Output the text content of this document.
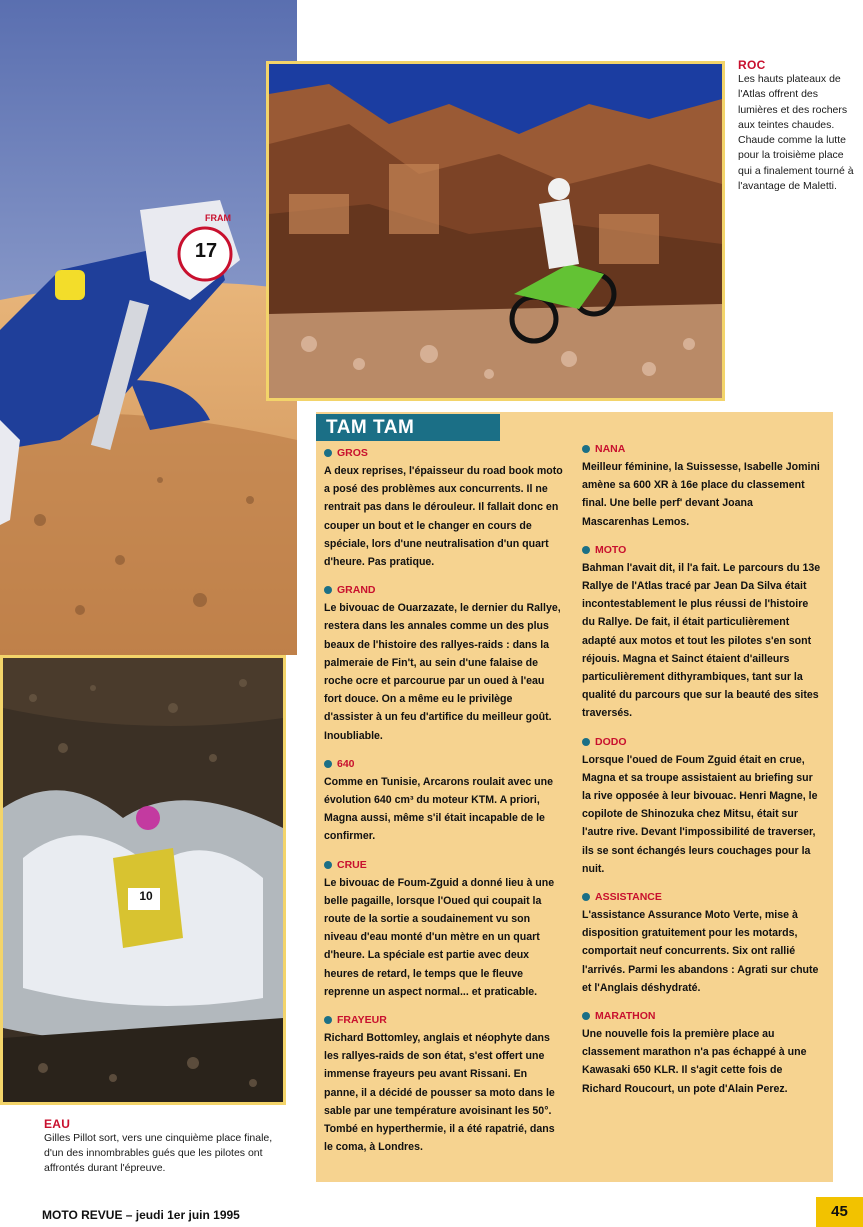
17
FRAM
ROC
Les hauts plateaux de l'Atlas offrent des lumières et des rochers aux teintes chaudes. Chaude comme la lutte pour la troisième place qui a finalement tourné à l'avantage de Maletti.
10
EAU
Gilles Pillot sort, vers une cinquième place finale, d'un des innombrables gués que les pilotes ont affrontés durant l'épreuve.
TAM TAM
GROS
A deux reprises, l'épaisseur du road book moto a posé des problèmes aux concurrents. Il ne rentrait pas dans le dérouleur. Il fallait donc en couper un bout et le changer en cours de spéciale, lors d'une neutralisation d'un quart d'heure. Pas pratique.
GRAND
Le bivouac de Ouarzazate, le dernier du Rallye, restera dans les annales comme un des plus beaux de l'histoire des rallyes-raids : dans la palmeraie de Fin't, au sein d'une falaise de roche ocre et parcourue par un oued à l'eau fort douce. On a même eu le privilège d'assister à un feu d'artifice du meilleur goût. Inoubliable.
640
Comme en Tunisie, Arcarons roulait avec une évolution 640 cm³ du moteur KTM. A priori, Magna aussi, même s'il était incapable de le confirmer.
CRUE
Le bivouac de Foum-Zguid a donné lieu à une belle pagaille, lorsque l'Oued qui coupait la route de la sortie a soudainement vu son niveau d'eau monté d'un mètre en un quart d'heure. La spéciale est partie avec deux heures de retard, le temps que le fleuve reprenne un aspect normal... et praticable.
FRAYEUR
Richard Bottomley, anglais et néophyte dans les rallyes-raids de son état, s'est offert une immense frayeurs peu avant Rissani. En panne, il a décidé de pousser sa moto dans le sable par une température avoisinant les 50°. Tombé en hyperthermie, il a été rapatrié, dans le coma, à Londres.
NANA
Meilleur féminine, la Suissesse, Isabelle Jomini amène sa 600 XR à 16e place du classement final. Une belle perf' devant Joana Mascarenhas Lemos.
MOTO
Bahman l'avait dit, il l'a fait. Le parcours du 13e Rallye de l'Atlas tracé par Jean Da Silva était incontestablement le plus réussi de l'histoire du Rallye. De fait, il était particulièrement adapté aux motos et tout les pilotes s'en sont réjouis. Magna et Sainct étaient d'ailleurs particulièrement dithyrambiques, tant sur la qualité du parcours que sur la beauté des sites traversés.
DODO
Lorsque l'oued de Foum Zguid était en crue, Magna et sa troupe assistaient au briefing sur la rive opposée à leur bivouac. Henri Magne, le copilote de Shinozuka chez Mitsu, était sur l'autre rive. Devant l'impossibilité de traverser, ils se sont échangés leurs couchages pour la nuit.
ASSISTANCE
L'assistance Assurance Moto Verte, mise à disposition gratuitement pour les motards, comportait neuf concurrents. Six ont rallié l'arrivés. Parmi les abandons : Agrati sur chute et l'Anglais déshydraté.
MARATHON
Une nouvelle fois la première place au classement marathon n'a pas échappé à une Kawasaki 650 KLR. Il s'agit cette fois de Richard Roucourt, un pote d'Alain Perez.
MOTO REVUE – jeudi 1er juin 1995	45
